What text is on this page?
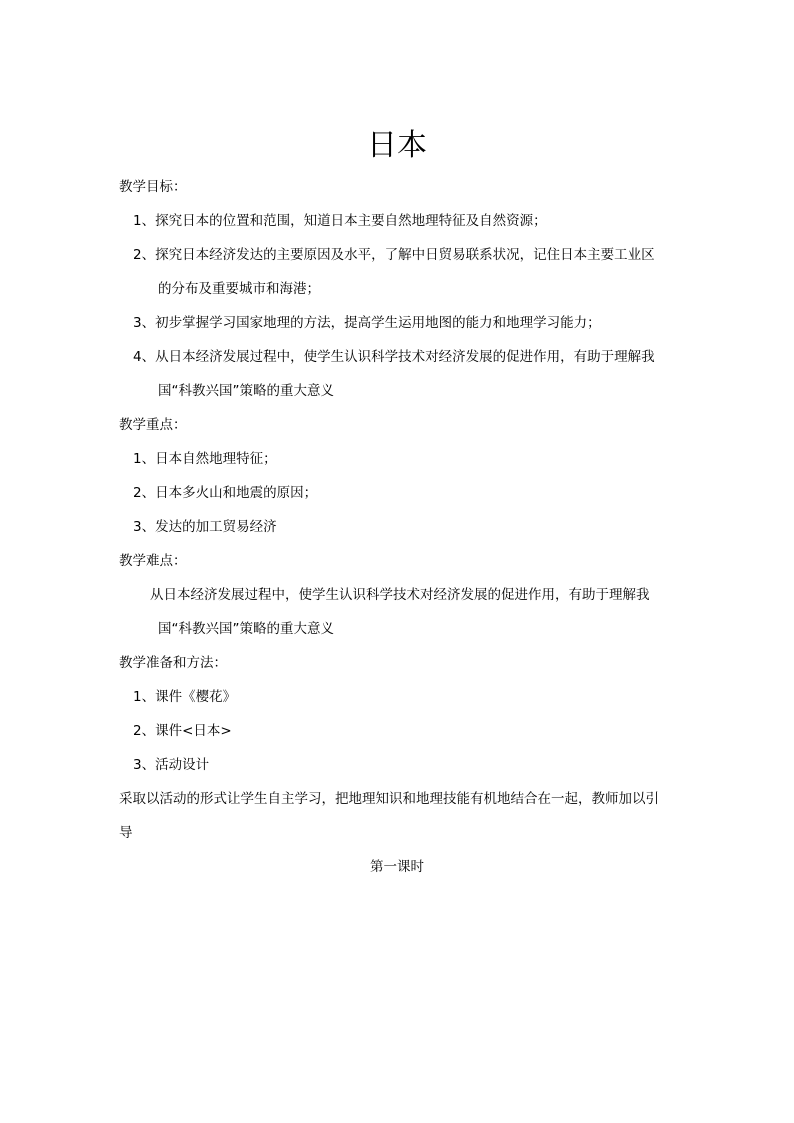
日本
教学目标：
1、探究日本的位置和范围，知道日本主要自然地理特征及自然资源；
2、探究日本经济发达的主要原因及水平，了解中日贸易联系状况，记住日本主要工业区
的分布及重要城市和海港；
3、初步掌握学习国家地理的方法，提高学生运用地图的能力和地理学习能力；
4、从日本经济发展过程中，使学生认识科学技术对经济发展的促进作用，有助于理解我
国“科教兴国”策略的重大意义
教学重点：
1、日本自然地理特征；
2、日本多火山和地震的原因；
3、发达的加工贸易经济
教学难点：
从日本经济发展过程中，使学生认识科学技术对经济发展的促进作用，有助于理解我
国“科教兴国”策略的重大意义
教学准备和方法：
1、课件《樱花》
2、课件<日本>
3、活动设计
采取以活动的形式让学生自主学习，把地理知识和地理技能有机地结合在一起，教师加以引
导
第一课时
